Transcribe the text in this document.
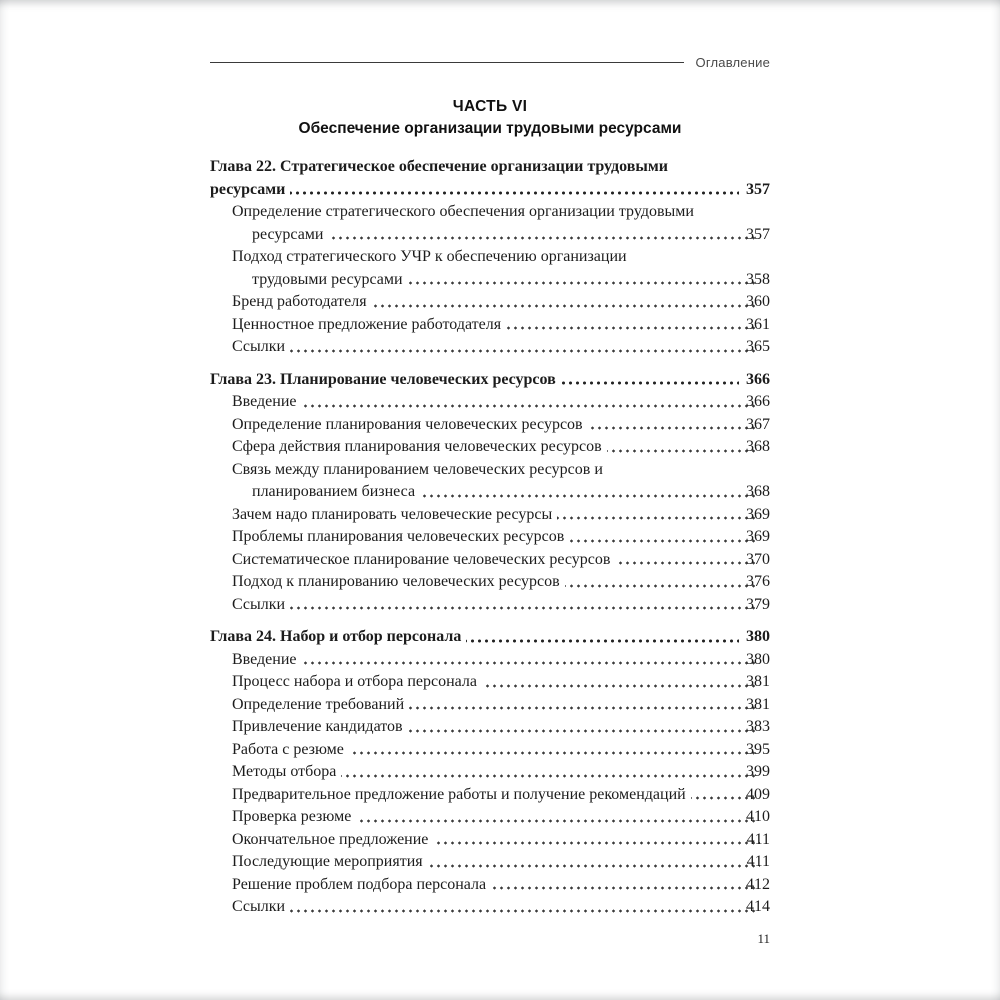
Оглавление
ЧАСТЬ VI
Обеспечение организации трудовыми ресурсами
Глава 22. Стратегическое обеспечение организации трудовыми ресурсами	357
Определение стратегического обеспечения организации трудовыми ресурсами	357
Подход стратегического УЧР к обеспечению организации трудовыми ресурсами	358
Бренд работодателя	360
Ценностное предложение работодателя	361
Ссылки	365
Глава 23. Планирование человеческих ресурсов	366
Введение	366
Определение планирования человеческих ресурсов	367
Сфера действия планирования человеческих ресурсов	368
Связь между планированием человеческих ресурсов и планированием бизнеса	368
Зачем надо планировать человеческие ресурсы	369
Проблемы планирования человеческих ресурсов	369
Систематическое планирование человеческих ресурсов	370
Подход к планированию человеческих ресурсов	376
Ссылки	379
Глава 24. Набор и отбор персонала	380
Введение	380
Процесс набора и отбора персонала	381
Определение требований	381
Привлечение кандидатов	383
Работа с резюме	395
Методы отбора	399
Предварительное предложение работы и получение рекомендаций	409
Проверка резюме	410
Окончательное предложение	411
Последующие мероприятия	411
Решение проблем подбора персонала	412
Ссылки	414
11
